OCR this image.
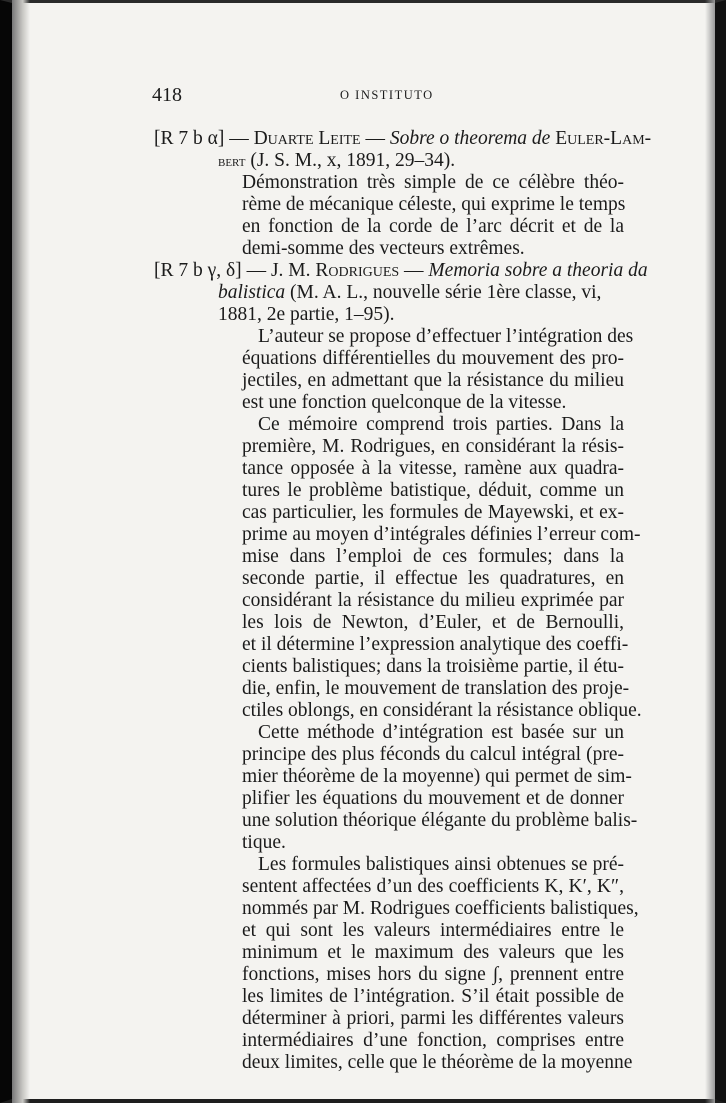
418	O INSTITUTO
[R 7 b α] — Duarte Leite — Sobre o theorema de Euler-Lam-
bert (J. S. M., x, 1891, 29–34).
Démonstration très simple de ce célèbre théo-
rème de mécanique céleste, qui exprime le temps
en fonction de la corde de l’arc décrit et de la
demi-somme des vecteurs extrêmes.
[R 7 b γ, δ] — J. M. Rodrigues — Memoria sobre a theoria da
balistica (M. A. L., nouvelle série 1ère classe, vi,
1881, 2e partie, 1–95).
L’auteur se propose d’effectuer l’intégration des
équations différentielles du mouvement des pro-
jectiles, en admettant que la résistance du milieu
est une fonction quelconque de la vitesse.
Ce mémoire comprend trois parties. Dans la
première, M. Rodrigues, en considérant la résis-
tance opposée à la vitesse, ramène aux quadra-
tures le problème batistique, déduit, comme un
cas particulier, les formules de Mayewski, et ex-
prime au moyen d’intégrales définies l’erreur com-
mise dans l’emploi de ces formules; dans la
seconde partie, il effectue les quadratures, en
considérant la résistance du milieu exprimée par
les lois de Newton, d’Euler, et de Bernoulli,
et il détermine l’expression analytique des coeffi-
cients balistiques; dans la troisième partie, il étu-
die, enfin, le mouvement de translation des proje-
ctiles oblongs, en considérant la résistance oblique.
Cette méthode d’intégration est basée sur un
principe des plus féconds du calcul intégral (pre-
mier théorème de la moyenne) qui permet de sim-
plifier les équations du mouvement et de donner
une solution théorique élégante du problème balis-
tique.
Les formules balistiques ainsi obtenues se pré-
sentent affectées d’un des coefficients K, K′, K″,
nommés par M. Rodrigues coefficients balistiques,
et qui sont les valeurs intermédiaires entre le
minimum et le maximum des valeurs que les
fonctions, mises hors du signe ∫, prennent entre
les limites de l’intégration. S’il était possible de
déterminer à priori, parmi les différentes valeurs
intermédiaires d’une fonction, comprises entre
deux limites, celle que le théorème de la moyenne
